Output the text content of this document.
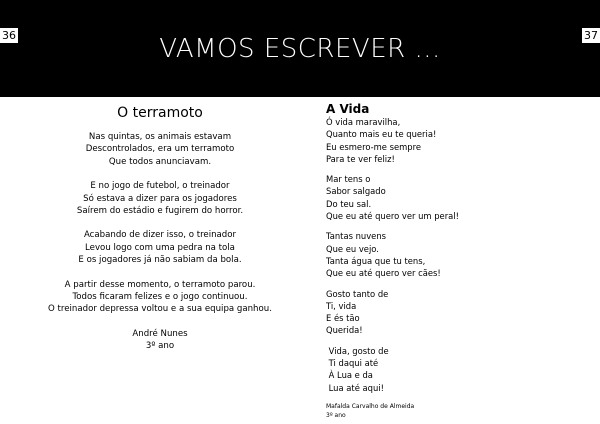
36	37
VAMOS ESCREVER ...
O terramoto
Nas quintas, os animais estavam
Descontrolados, era um terramoto
Que todos anunciavam.
E no jogo de futebol, o treinador
Só estava a dizer para os jogadores
Saírem do estádio e fugirem do horror.
Acabando de dizer isso, o treinador
Levou logo com uma pedra na tola
E os jogadores já não sabiam da bola.
A partir desse momento, o terramoto parou.
Todos ficaram felizes e o jogo continuou.
O treinador depressa voltou e a sua equipa ganhou.
André Nunes
3º ano
A Vida
Ó vida maravilha,
Quanto mais eu te queria!
Eu esmero-me sempre
Para te ver feliz!
Mar tens o
Sabor salgado
Do teu sal.
Que eu até quero ver um peral!
Tantas nuvens
Que eu vejo.
Tanta água que tu tens,
Que eu até quero ver cães!
Gosto tanto de
Ti, vida
E és tão
Querida!
Vida, gosto de
Ti daqui até
À Lua e da
Lua até aqui!
Mafalda Carvalho de Almeida
3º ano
